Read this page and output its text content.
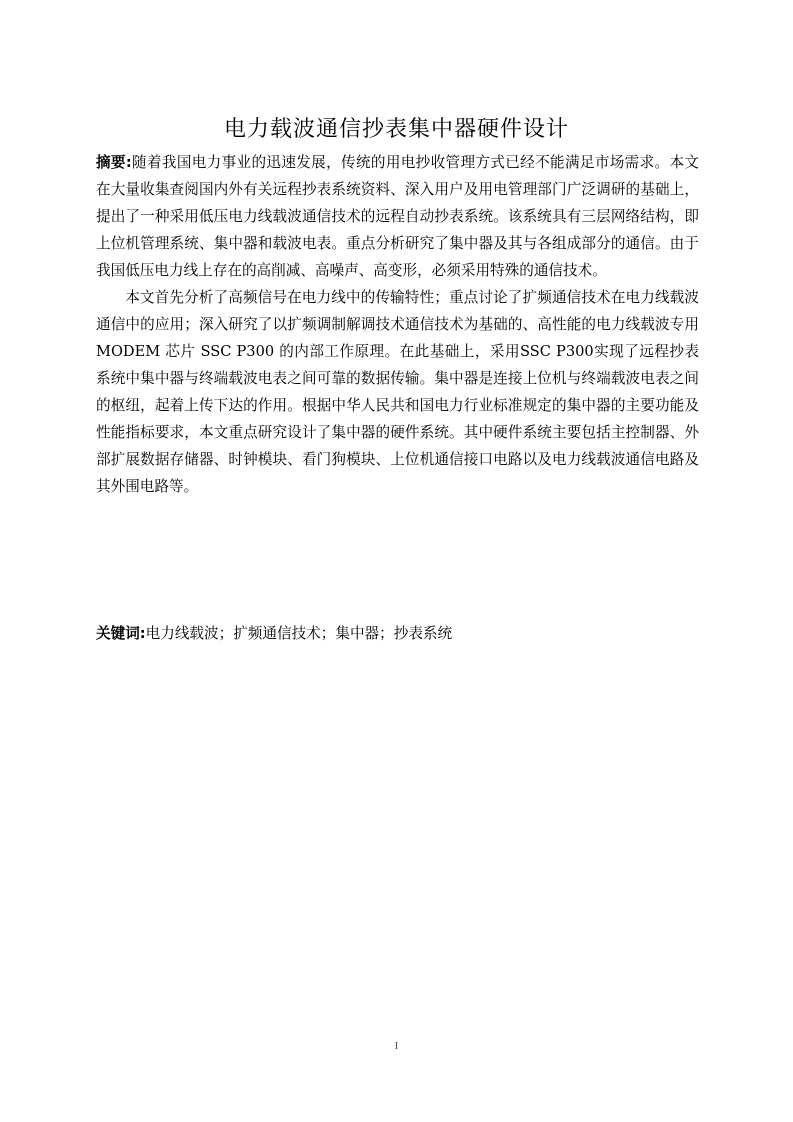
电力载波通信抄表集中器硬件设计

摘要:随着我国电力事业的迅速发展，传统的用电抄收管理方式已经不能满足市场需求。本文在大量收集查阅国内外有关远程抄表系统资料、深入用户及用电管理部门广泛调研的基础上，提出了一种采用低压电力线载波通信技术的远程自动抄表系统。该系统具有三层网络结构，即上位机管理系统、集中器和载波电表。重点分析研究了集中器及其与各组成部分的通信。由于我国低压电力线上存在的高削减、高噪声、高变形，必须采用特殊的通信技术。

本文首先分析了高频信号在电力线中的传输特性；重点讨论了扩频通信技术在电力线载波通信中的应用；深入研究了以扩频调制解调技术通信技术为基础的、高性能的电力线载波专用MODEM 芯片 SSC P300 的内部工作原理。在此基础上，采用SSC P300实现了远程抄表系统中集中器与终端载波电表之间可靠的数据传输。集中器是连接上位机与终端载波电表之间的枢纽，起着上传下达的作用。根据中华人民共和国电力行业标准规定的集中器的主要功能及性能指标要求，本文重点研究设计了集中器的硬件系统。其中硬件系统主要包括主控制器、外部扩展数据存储器、时钟模块、看门狗模块、上位机通信接口电路以及电力线载波通信电路及其外围电路等。

关键词:电力线载波；扩频通信技术；集中器；抄表系统
I
